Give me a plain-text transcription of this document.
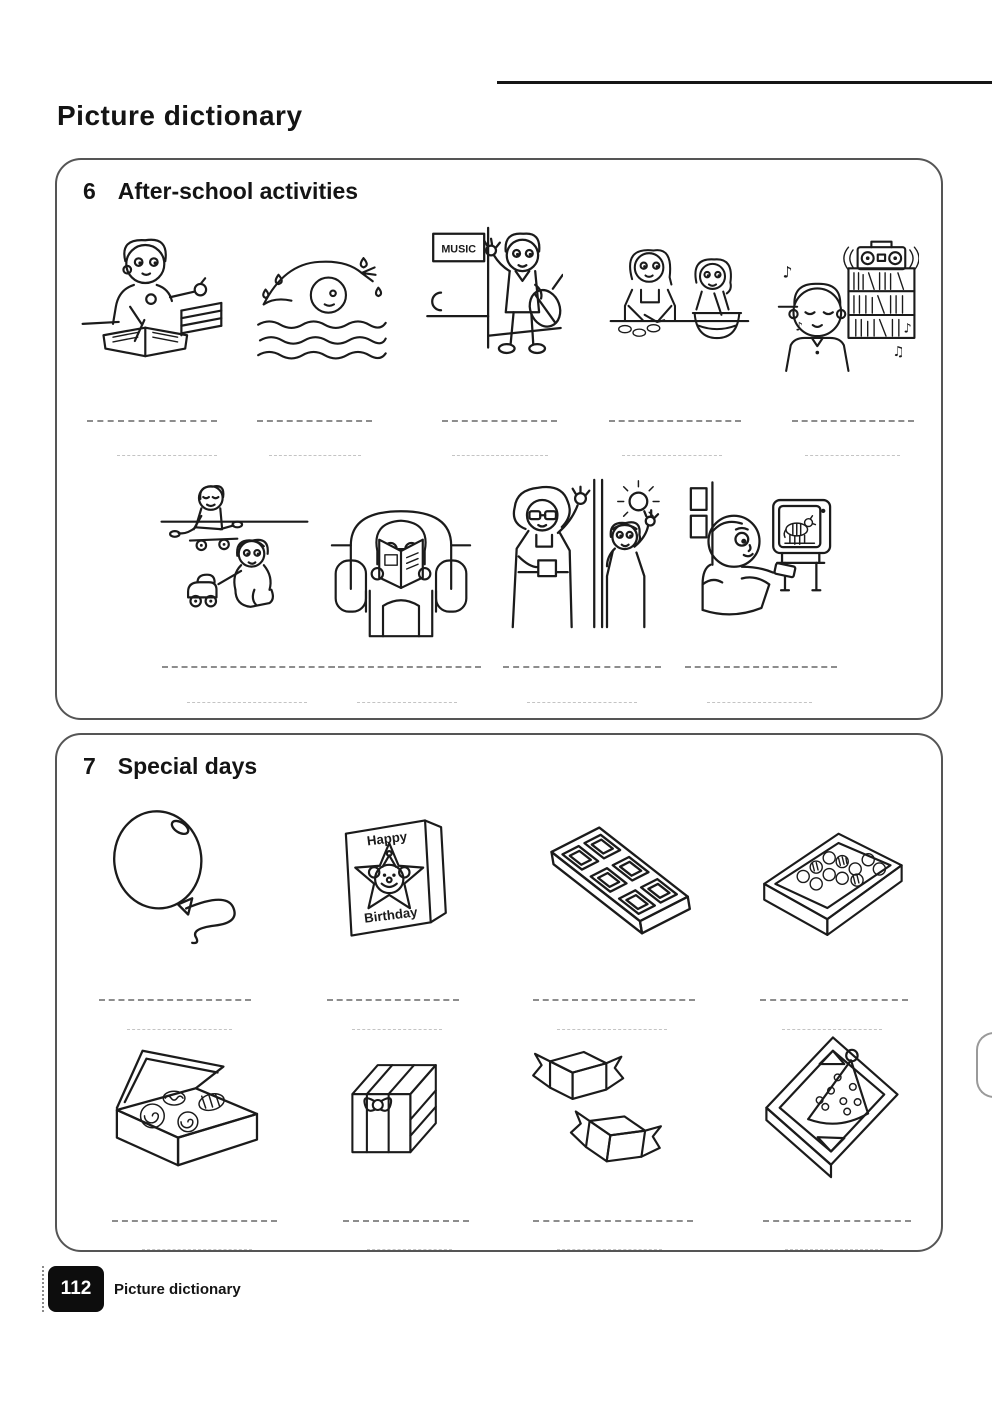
Picture dictionary
6 After-school activities
MUSIC
♪
♪	♪
♫
7 Special days
Happy
Birthday
112	Picture dictionary
